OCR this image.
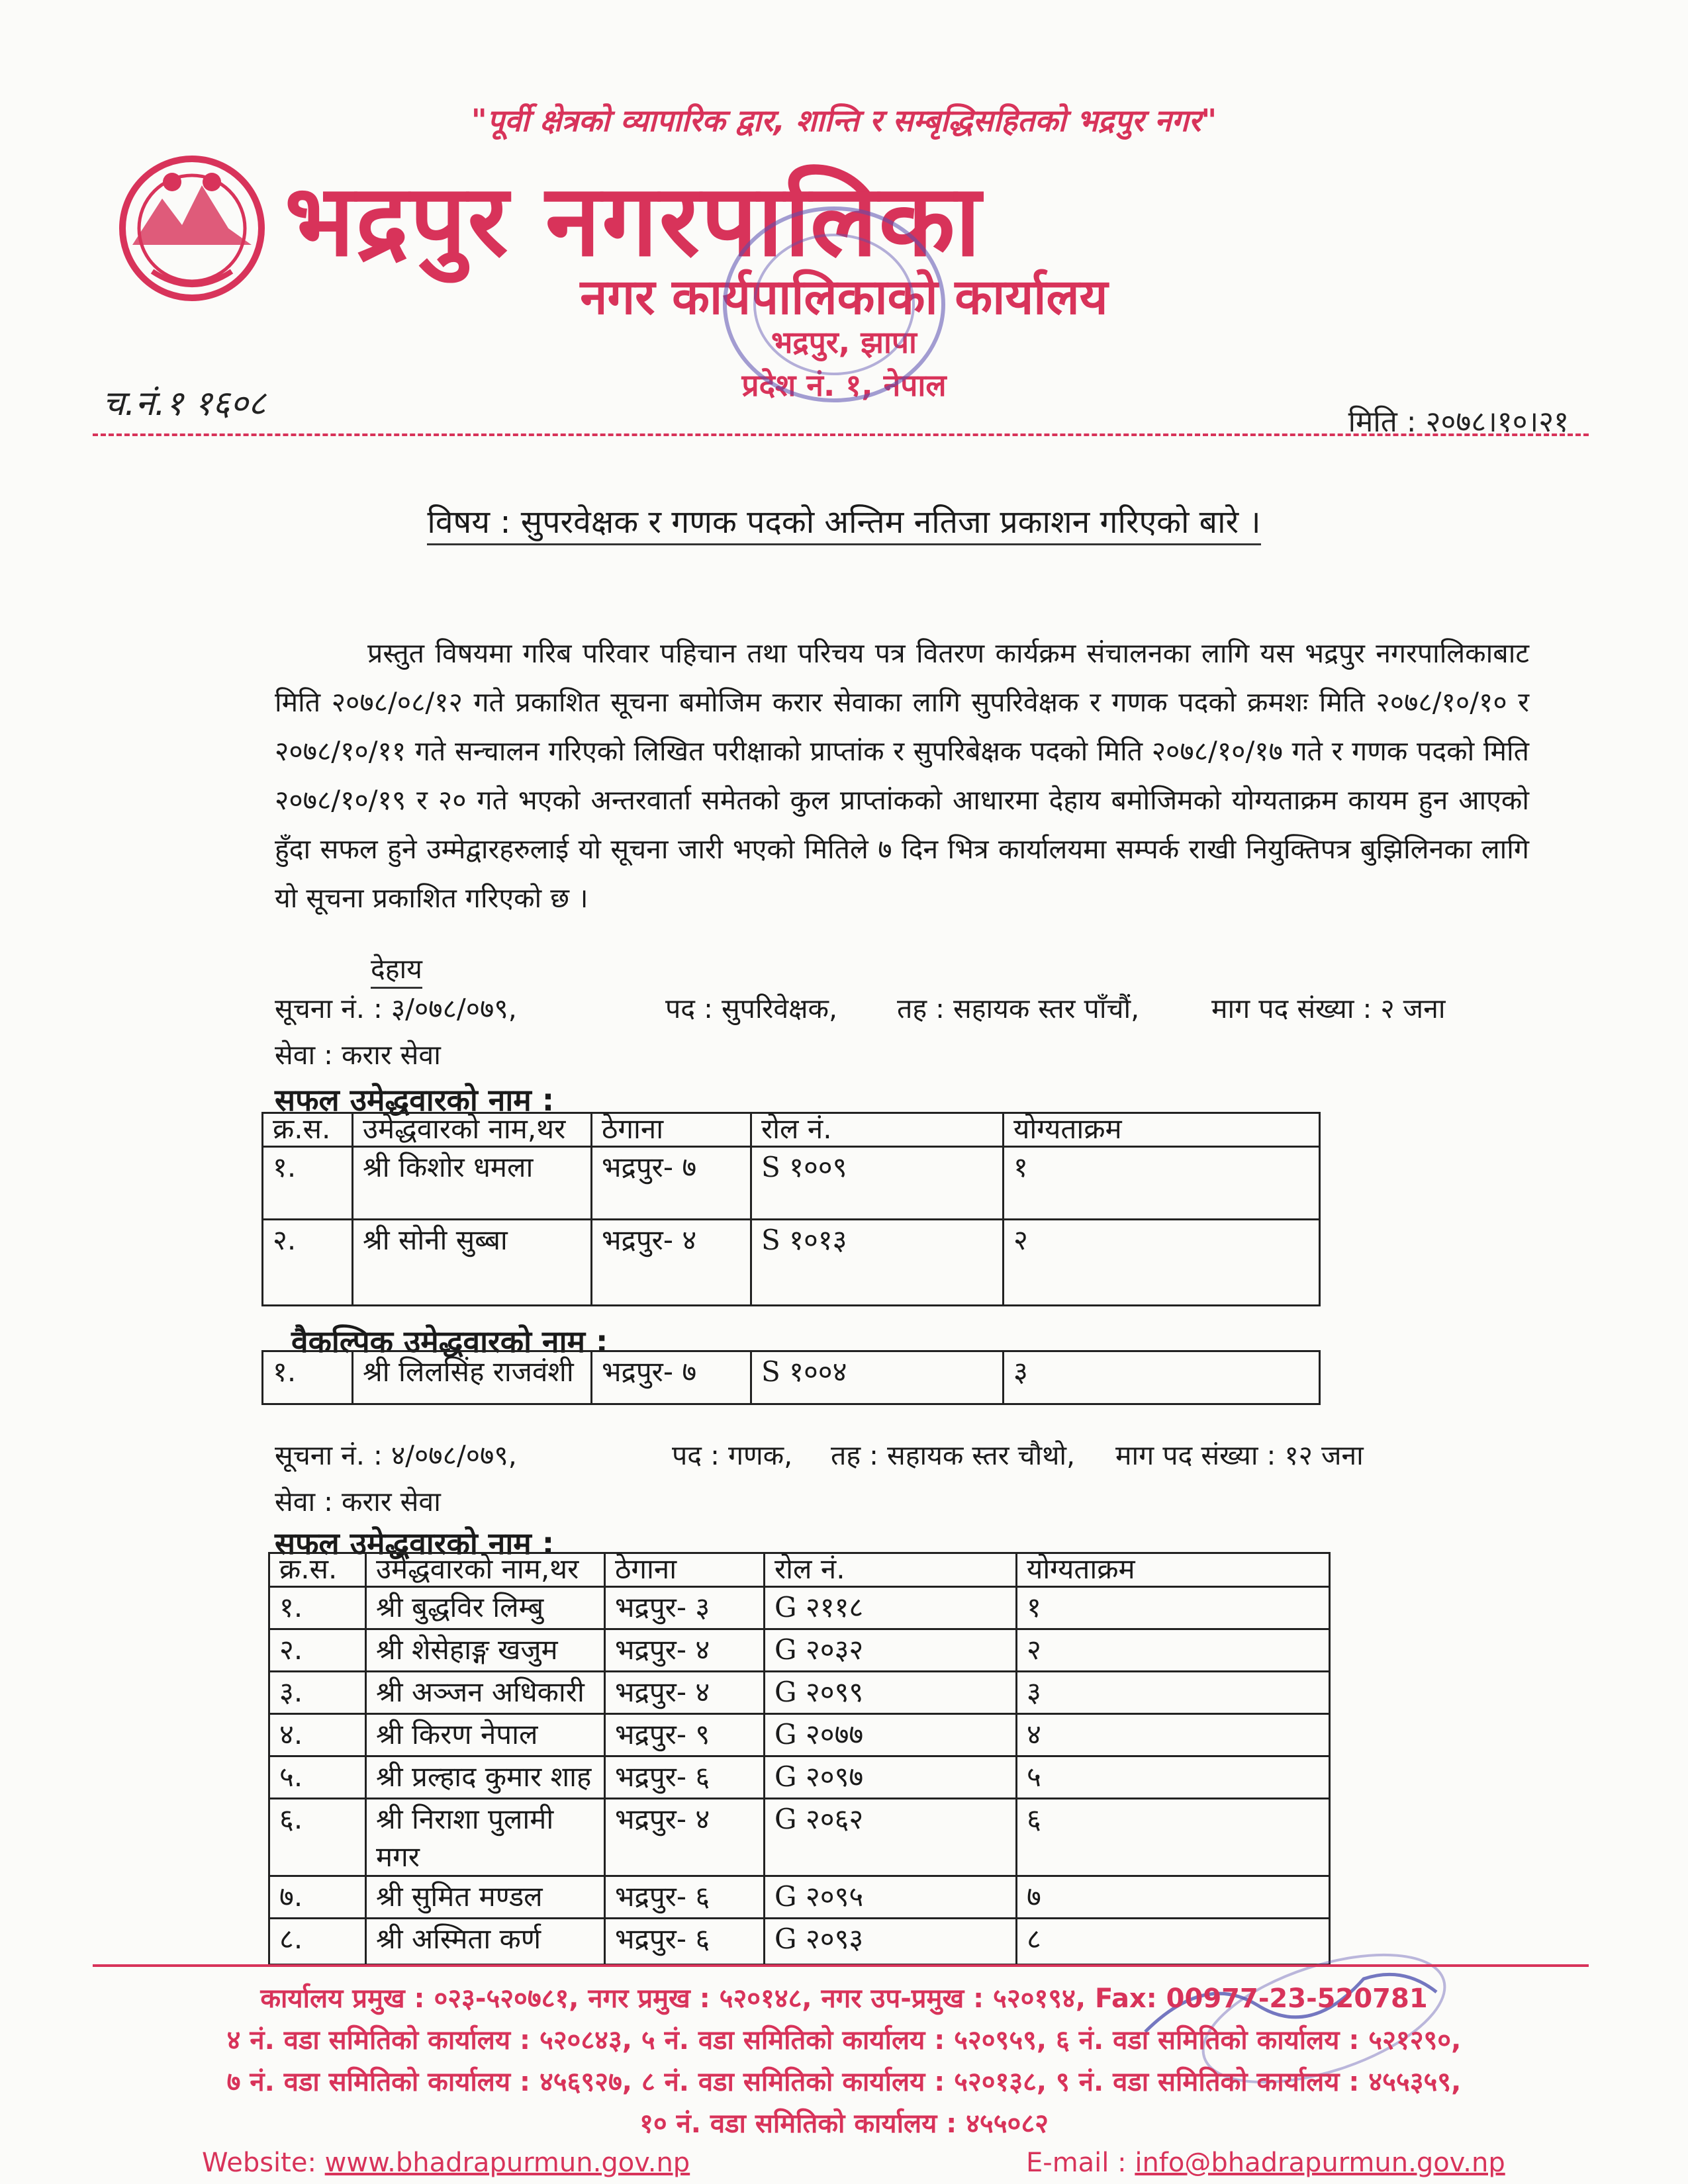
"पूर्वी क्षेत्रको व्यापारिक द्वार, शान्ति र सम्बृद्धिसहितको भद्रपुर नगर"
भद्रपुर नगरपालिका
नगर कार्यपालिकाको कार्यालय
भद्रपुर, झापा
प्रदेश नं. १, नेपाल
च.नं.१ १६०८	मिति : २०७८।१०।२१
विषय : सुपरवेक्षक र गणक पदको अन्तिम नतिजा प्रकाशन गरिएको बारे ।
प्रस्तुत विषयमा गरिब परिवार पहिचान तथा परिचय पत्र वितरण कार्यक्रम संचालनका लागि यस भद्रपुर नगरपालिकाबाट मिति २०७८/०८/१२ गते प्रकाशित सूचना बमोजिम करार सेवाका लागि सुपरिवेक्षक र गणक पदको क्रमशः मिति २०७८/१०/१० र २०७८/१०/११ गते सन्चालन गरिएको लिखित परीक्षाको प्राप्तांक र सुपरिबेक्षक पदको मिति २०७८/१०/१७ गते र गणक पदको मिति २०७८/१०/१९ र २० गते भएको अन्तरवार्ता समेतको कुल प्राप्तांकको आधारमा देहाय बमोजिमको योग्यताक्रम कायम हुन आएको हुँदा सफल हुने उम्मेद्वारहरुलाई यो सूचना जारी भएको मितिले ७ दिन भित्र कार्यालयमा सम्पर्क राखी नियुक्तिपत्र बुझिलिनका लागि यो सूचना प्रकाशित गरिएको छ ।
देहाय
सूचना नं. : ३/०७८/०७९,	पद : सुपरिवेक्षक, तह : सहायक स्तर पाँचौं,	माग पद संख्या : २ जना
सेवा : करार सेवा
सफल उमेद्धवारको नाम :
क्र.स.	उमेद्धवारको नाम,थर	ठेगाना	रोल नं.	योग्यताक्रम
१.	श्री किशोर धमला	भद्रपुर- ७	S १००९	१
२.	श्री सोनी सुब्बा	भद्रपुर- ४	S १०१३	२
वैकल्पिक उमेद्धवारको नाम :
१.	श्री लिलसिंह राजवंशी	भद्रपुर- ७	S १००४	३
सूचना नं. : ४/०७८/०७९,	पद : गणक, तह : सहायक स्तर चौथो, माग पद संख्या : १२ जना
सेवा : करार सेवा
सफल उमेद्धवारको नाम :
क्र.स.	उमेद्धवारको नाम,थर	ठेगाना	रोल नं.	योग्यताक्रम
१.	श्री बुद्धविर लिम्बु	भद्रपुर- ३	G २११८	१
२.	श्री शेसेहाङ्ग खजुम	भद्रपुर- ४	G २०३२	२
३.	श्री अञ्जन अधिकारी	भद्रपुर- ४	G २०९९	३
४.	श्री किरण नेपाल	भद्रपुर- ९	G २०७७	४
५.	श्री प्रल्हाद कुमार शाह	भद्रपुर- ६	G २०९७	५
६.	श्री निराशा पुलामी मगर	भद्रपुर- ४	G २०६२	६
७.	श्री सुमित मण्डल	भद्रपुर- ६	G २०९५	७
८.	श्री अस्मिता कर्ण	भद्रपुर- ६	G २०९३	८
कार्यालय प्रमुख : ०२३-५२०७८१, नगर प्रमुख : ५२०१४८, नगर उप-प्रमुख : ५२०१९४, Fax: 00977-23-520781
४ नं. वडा समितिको कार्यालय : ५२०८४३, ५ नं. वडा समितिको कार्यालय : ५२०९५९, ६ नं. वडा समितिको कार्यालय : ५२१२९०,
७ नं. वडा समितिको कार्यालय : ४५६९२७, ८ नं. वडा समितिको कार्यालय : ५२०१३८, ९ नं. वडा समितिको कार्यालय : ४५५३५९,
१० नं. वडा समितिको कार्यालय : ४५५०८२
Website: www.bhadrapurmun.gov.np	E-mail : info@bhadrapurmun.gov.np
